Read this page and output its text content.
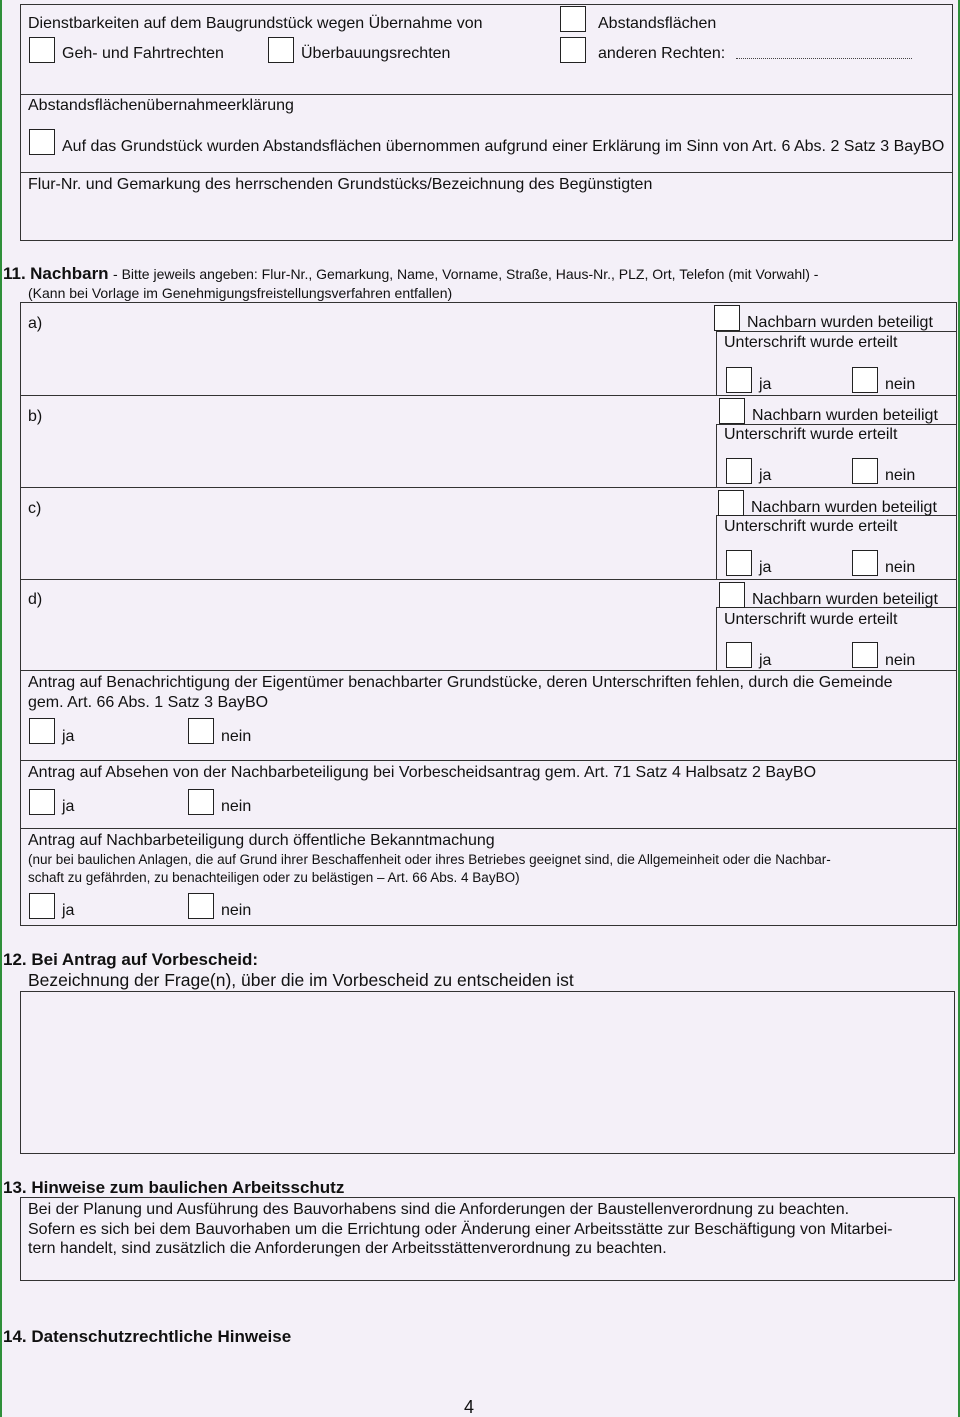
Dienstbarkeiten auf dem Baugrundstück wegen Übernahme von	Abstandsflächen
Geh- und Fahrtrechten	Überbauungsrechten	anderen Rechten:
Abstandsflächenübernahmeerklärung
Auf das Grundstück wurden Abstandsflächen übernommen aufgrund einer Erklärung im Sinn von Art. 6 Abs. 2 Satz 3 BayBO
Flur-Nr. und Gemarkung des herrschenden Grundstücks/Bezeichnung des Begünstigten
11. Nachbarn - Bitte jeweils angeben: Flur-Nr., Gemarkung, Name, Vorname, Straße, Haus-Nr., PLZ, Ort, Telefon (mit Vorwahl) -
(Kann bei Vorlage im Genehmigungsfreistellungsverfahren entfallen)
a)	Nachbarn wurden beteiligt
Unterschrift wurde erteilt
ja	nein
b)	Nachbarn wurden beteiligt
Unterschrift wurde erteilt
ja	nein
c)	Nachbarn wurden beteiligt
Unterschrift wurde erteilt
ja	nein
d)	Nachbarn wurden beteiligt
Unterschrift wurde erteilt
ja	nein
Antrag auf Benachrichtigung der Eigentümer benachbarter Grundstücke, deren Unterschriften fehlen, durch die Gemeinde
gem. Art. 66 Abs. 1 Satz 3 BayBO
ja	nein
Antrag auf Absehen von der Nachbarbeteiligung bei Vorbescheidsantrag gem. Art. 71 Satz 4 Halbsatz 2 BayBO
ja	nein
Antrag auf Nachbarbeteiligung durch öffentliche Bekanntmachung
(nur bei baulichen Anlagen, die auf Grund ihrer Beschaffenheit oder ihres Betriebes geeignet sind, die Allgemeinheit oder die Nachbar-
schaft zu gefährden, zu benachteiligen oder zu belästigen – Art. 66 Abs. 4 BayBO)
ja	nein
12. Bei Antrag auf Vorbescheid:
Bezeichnung der Frage(n), über die im Vorbescheid zu entscheiden ist
13. Hinweise zum baulichen Arbeitsschutz
Bei der Planung und Ausführung des Bauvorhabens sind die Anforderungen der Baustellenverordnung zu beachten.
Sofern es sich bei dem Bauvorhaben um die Errichtung oder Änderung einer Arbeitsstätte zur Beschäftigung von Mitarbei-
tern handelt, sind zusätzlich die Anforderungen der Arbeitsstättenverordnung zu beachten.
14. Datenschutzrechtliche Hinweise
4
